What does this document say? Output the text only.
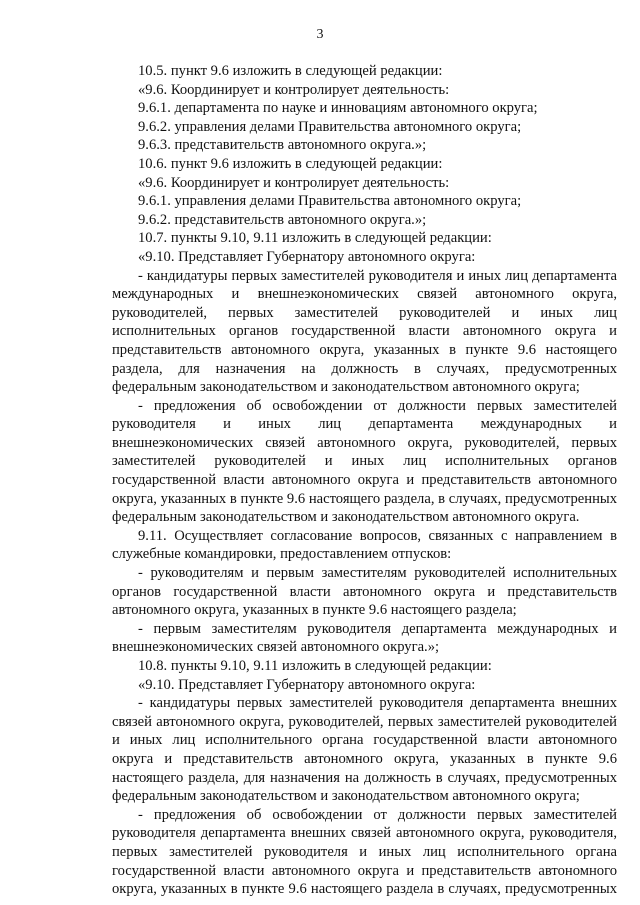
3

10.5. пункт 9.6 изложить в следующей редакции:

«9.6. Координирует и контролирует деятельность:

9.6.1. департамента по науке и инновациям автономного округа;

9.6.2. управления делами Правительства автономного округа;

9.6.3. представительств автономного округа.»;

10.6. пункт 9.6 изложить в следующей редакции:

«9.6. Координирует и контролирует деятельность:

9.6.1. управления делами Правительства автономного округа;

9.6.2. представительств автономного округа.»;

10.7. пункты 9.10, 9.11 изложить в следующей редакции:

«9.10. Представляет Губернатору автономного округа:

- кандидатуры первых заместителей руководителя и иных лиц департамента международных и внешнеэкономических связей автономного округа, руководителей, первых заместителей руководителей и иных лиц исполнительных органов государственной власти автономного округа и представительств автономного округа, указанных в пункте 9.6 настоящего раздела, для назначения на должность в случаях, предусмотренных федеральным законодательством и законодательством автономного округа;

- предложения об освобождении от должности первых заместителей руководителя и иных лиц департамента международных и внешнеэкономических связей автономного округа, руководителей, первых заместителей руководителей и иных лиц исполнительных органов государственной власти автономного округа и представительств автономного округа, указанных в пункте 9.6 настоящего раздела, в случаях, предусмотренных федеральным законодательством и законодательством автономного округа.

9.11. Осуществляет согласование вопросов, связанных с направлением в служебные командировки, предоставлением отпусков:

- руководителям и первым заместителям руководителей исполнительных органов государственной власти автономного округа и представительств автономного округа, указанных в пункте 9.6 настоящего раздела;

- первым заместителям руководителя департамента международных и внешнеэкономических связей автономного округа.»;

10.8. пункты 9.10, 9.11 изложить в следующей редакции:

«9.10. Представляет Губернатору автономного округа:

- кандидатуры первых заместителей руководителя департамента внешних связей автономного округа, руководителей, первых заместителей руководителей и иных лиц исполнительного органа государственной власти автономного округа и представительств автономного округа, указанных в пункте 9.6 настоящего раздела, для назначения на должность в случаях, предусмотренных федеральным законодательством и законодательством автономного округа;

- предложения об освобождении от должности первых заместителей руководителя департамента внешних связей автономного округа, руководителя, первых заместителей руководителя и иных лиц исполнительного органа государственной власти автономного округа и представительств автономного округа, указанных в пункте 9.6 настоящего раздела в случаях, предусмотренных
